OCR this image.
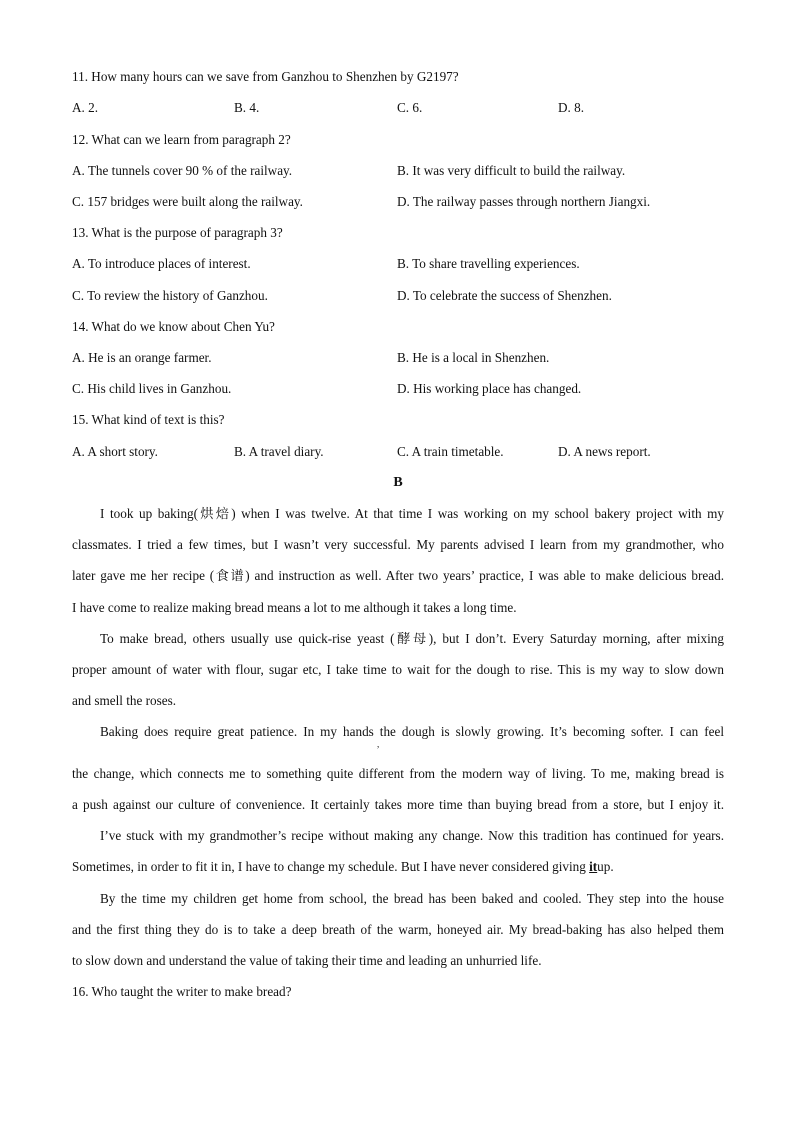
11. How many hours can we save from Ganzhou to Shenzhen by G2197?
A. 2.	B. 4.	C. 6.	D. 8.
12. What can we learn from paragraph 2?
A. The tunnels cover 90 % of the railway.	B. It was very difficult to build the railway.
C. 157 bridges were built along the railway.	D. The railway passes through northern Jiangxi.
13. What is the purpose of paragraph 3?
A. To introduce places of interest.	B. To share travelling experiences.
C. To review the history of Ganzhou.	D. To celebrate the success of Shenzhen.
14. What do we know about Chen Yu?
A. He is an orange farmer.	B. He is a local in Shenzhen.
C. His child lives in Ganzhou.	D. His working place has changed.
15. What kind of text is this?
A. A short story.	B. A travel diary.	C. A train timetable.	D. A news report.
B
I took up baking(烘焙) when I was twelve. At that time I was working on my school bakery project with my
classmates. I tried a few times, but I wasn’t very successful. My parents advised I learn from my grandmother, who
later gave me her recipe (食谱) and instruction as well. After two years’ practice, I was able to make delicious bread.
I have come to realize making bread means a lot to me although it takes a long time.
To make bread, others usually use quick-rise yeast (酵母), but I don’t. Every Saturday morning, after mixing
proper amount of water with flour, sugar etc, I take time to wait for the dough to rise. This is my way to slow down
and smell the roses.
Baking does require great patience. In my hands the dough is slowly growing. It’s becoming softer. I can feel
,
the change, which connects me to something quite different from the modern way of living. To me, making bread is
a push against our culture of convenience. It certainly takes more time than buying bread from a store, but I enjoy it.
I’ve stuck with my grandmother’s recipe without making any change. Now this tradition has continued for years.
Sometimes, in order to fit it in, I have to change my schedule. But I have never considered giving itup.
By the time my children get home from school, the bread has been baked and cooled. They step into the house
and the first thing they do is to take a deep breath of the warm, honeyed air. My bread-baking has also helped them
to slow down and understand the value of taking their time and leading an unhurried life.
16. Who taught the writer to make bread?
